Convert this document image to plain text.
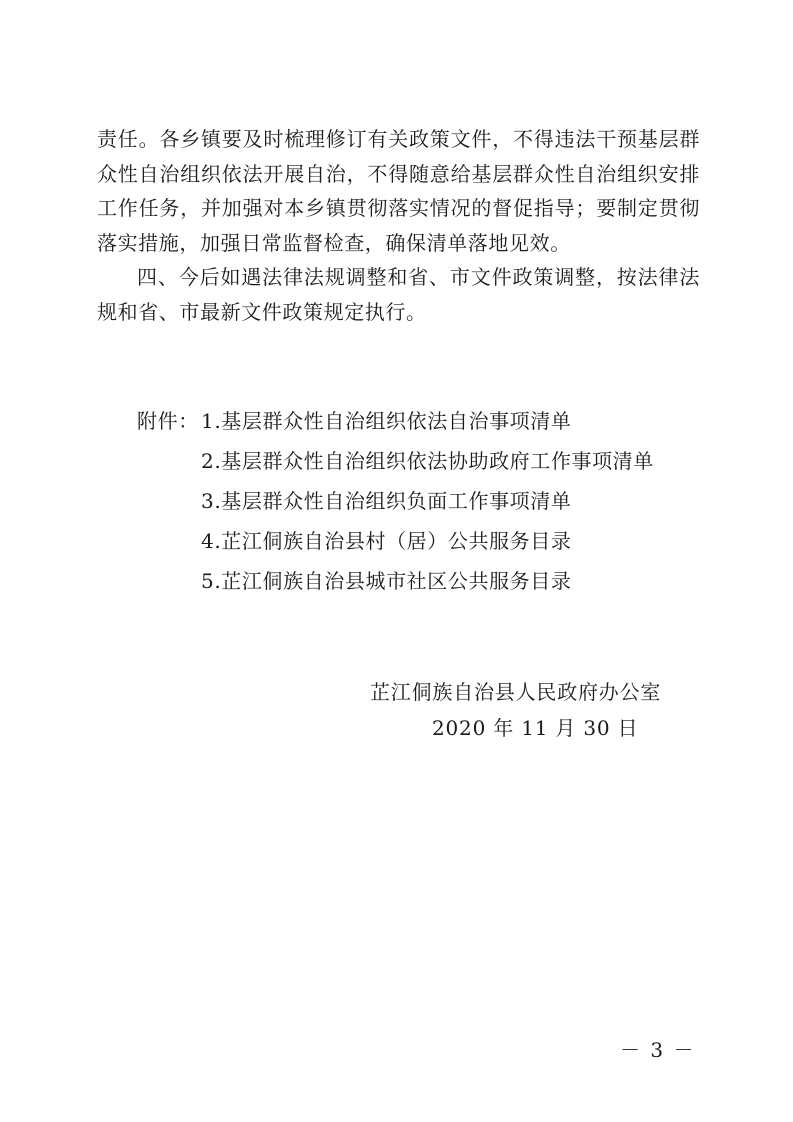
责任。各乡镇要及时梳理修订有关政策文件，不得违法干预基层群众性自治组织依法开展自治，不得随意给基层群众性自治组织安排工作任务，并加强对本乡镇贯彻落实情况的督促指导；要制定贯彻落实措施，加强日常监督检查，确保清单落地见效。

四、今后如遇法律法规调整和省、市文件政策调整，按法律法规和省、市最新文件政策规定执行。

附件： 1.基层群众性自治组织依法自治事项清单
2.基层群众性自治组织依法协助政府工作事项清单
3.基层群众性自治组织负面工作事项清单
4.芷江侗族自治县村（居）公共服务目录
5.芷江侗族自治县城市社区公共服务目录
芷江侗族自治县人民政府办公室
2020 年 11 月 30 日
－ 3 －
